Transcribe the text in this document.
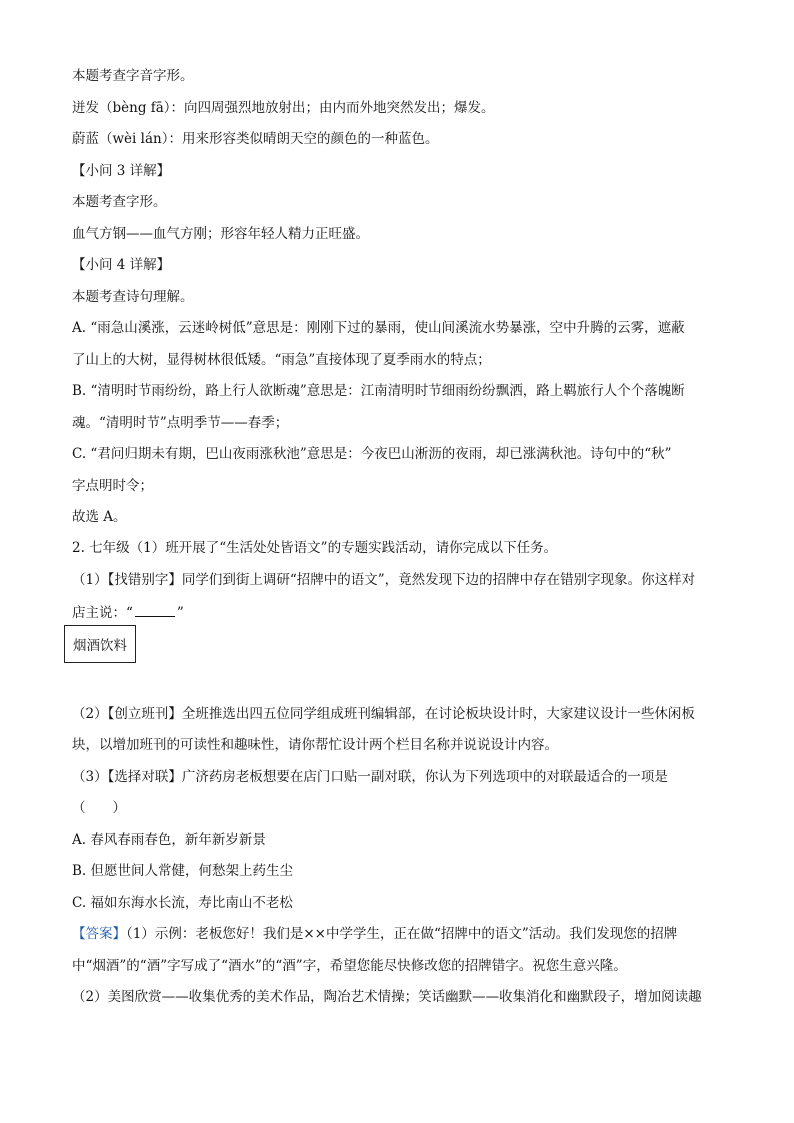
本题考查字音字形。
迸发（bèng fā）：向四周强烈地放射出；由内而外地突然发出；爆发。
蔚蓝（wèi lán）：用来形容类似晴朗天空的颜色的一种蓝色。
【小问 3 详解】
本题考查字形。
血气方钢——血气方刚；形容年轻人精力正旺盛。
【小问 4 详解】
本题考查诗句理解。
A. “雨急山溪涨，云迷岭树低”意思是：刚刚下过的暴雨，使山间溪流水势暴涨，空中升腾的云雾，遮蔽
了山上的大树，显得树林很低矮。“雨急”直接体现了夏季雨水的特点；
B. “清明时节雨纷纷，路上行人欲断魂”意思是：江南清明时节细雨纷纷飘洒，路上羁旅行人个个落魄断
魂。“清明时节”点明季节——春季；
C. “君问归期未有期，巴山夜雨涨秋池”意思是：今夜巴山淅沥的夜雨，却已涨满秋池。诗句中的“秋”
字点明时令；
故选 A。
2. 七年级（1）班开展了“生活处处皆语文”的专题实践活动，请你完成以下任务。
（1）【找错别字】同学们到街上调研“招牌中的语文”，竟然发现下边的招牌中存在错别字现象。你这样对
店主说：“	”
烟酒饮料
（2）【创立班刊】全班推选出四五位同学组成班刊编辑部，在讨论板块设计时，大家建议设计一些休闲板
块，以增加班刊的可读性和趣味性，请你帮忙设计两个栏目名称并说说设计内容。
（3）【选择对联】广济药房老板想要在店门口贴一副对联，你认为下列选项中的对联最适合的一项是
（　　）
A. 春风春雨春色，新年新岁新景
B. 但愿世间人常健，何愁架上药生尘
C. 福如东海水长流，寿比南山不老松
【答案】（1）示例：老板您好！我们是××中学学生，正在做“招牌中的语文”活动。我们发现您的招牌
中“烟酒”的“酒”字写成了“酒水”的“酒”字，希望您能尽快修改您的招牌错字。祝您生意兴隆。
（2）美图欣赏——收集优秀的美术作品，陶冶艺术情操；笑话幽默——收集消化和幽默段子，增加阅读趣
